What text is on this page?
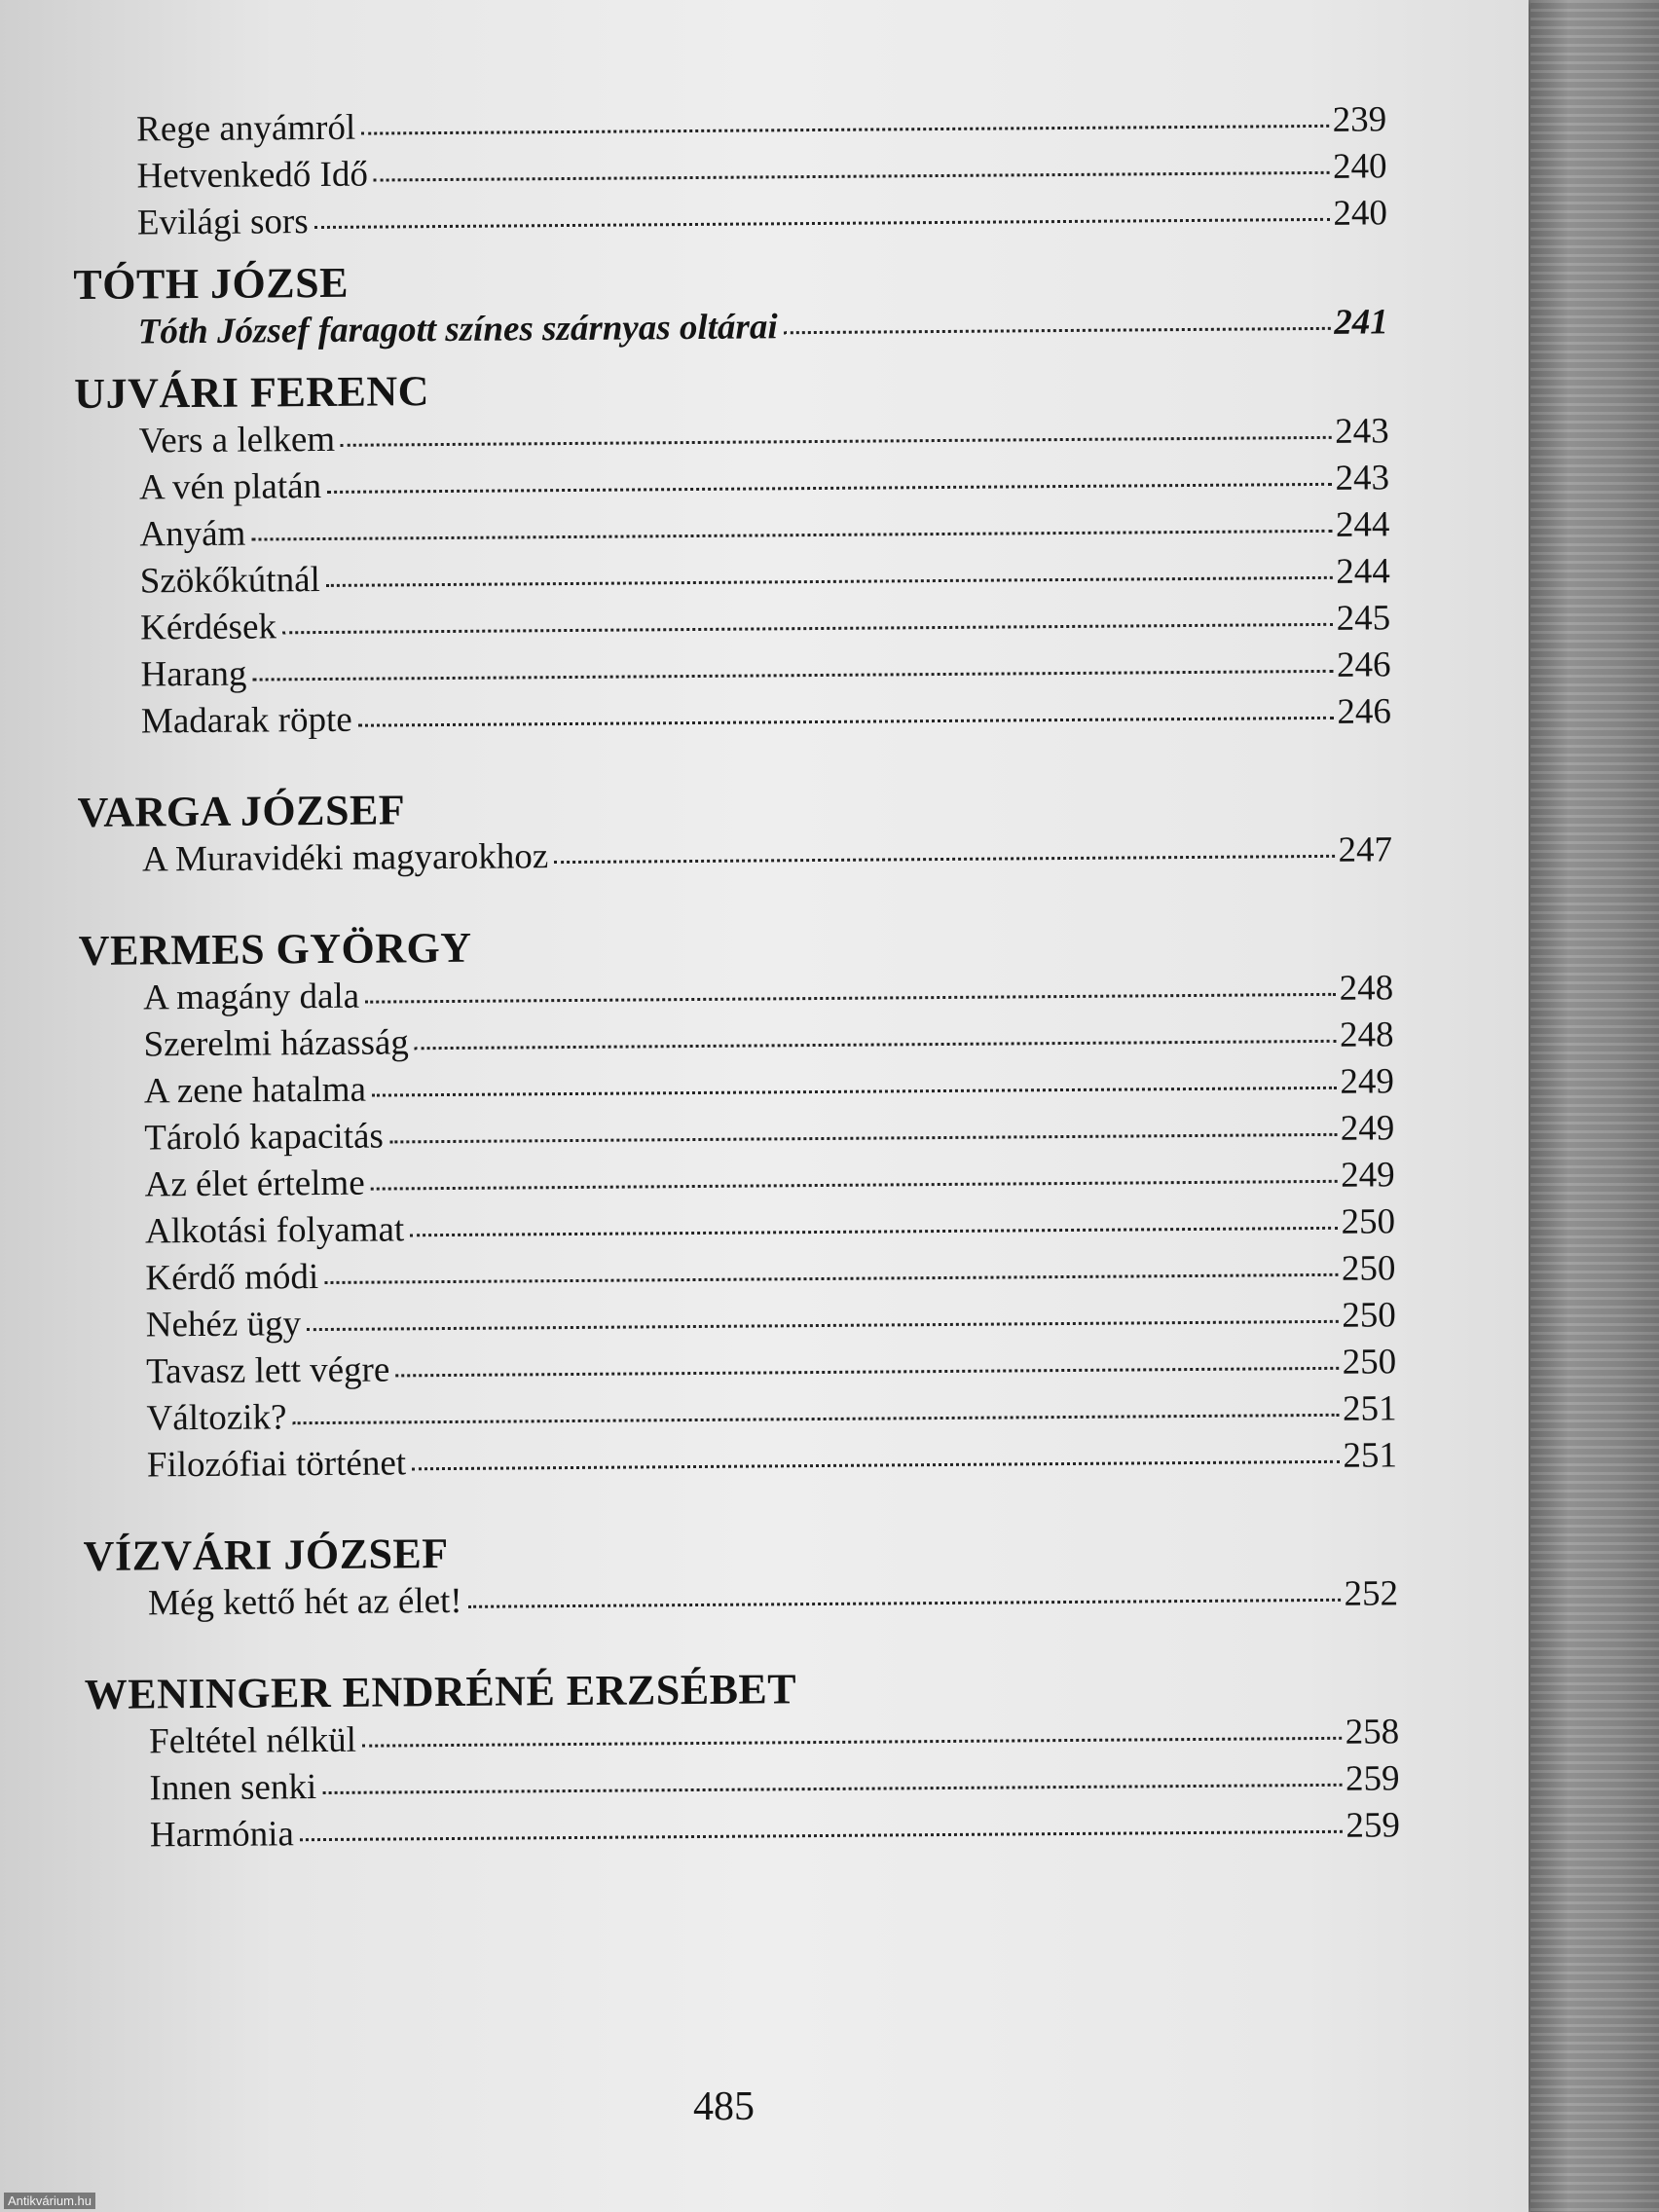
Rege anyámról	239
Hetvenkedő Idő	240
Evilági sors	240
TÓTH JÓZSE
Tóth József faragott színes szárnyas oltárai	241
UJVÁRI FERENC
Vers a lelkem	243
A vén platán	243
Anyám	244
Szökőkútnál	244
Kérdések	245
Harang	246
Madarak röpte	246
VARGA JÓZSEF
A Muravidéki magyarokhoz	247
VERMES GYÖRGY
A magány dala	248
Szerelmi házasság	248
A zene hatalma	249
Tároló kapacitás	249
Az élet értelme	249
Alkotási folyamat	250
Kérdő módi	250
Nehéz ügy	250
Tavasz lett végre	250
Változik?	251
Filozófiai történet	251
VÍZVÁRI JÓZSEF
Még kettő hét az élet!	252
WENINGER ENDRÉNÉ ERZSÉBET
Feltétel nélkül	258
Innen senki	259
Harmónia	259
485
Antikvárium.hu
